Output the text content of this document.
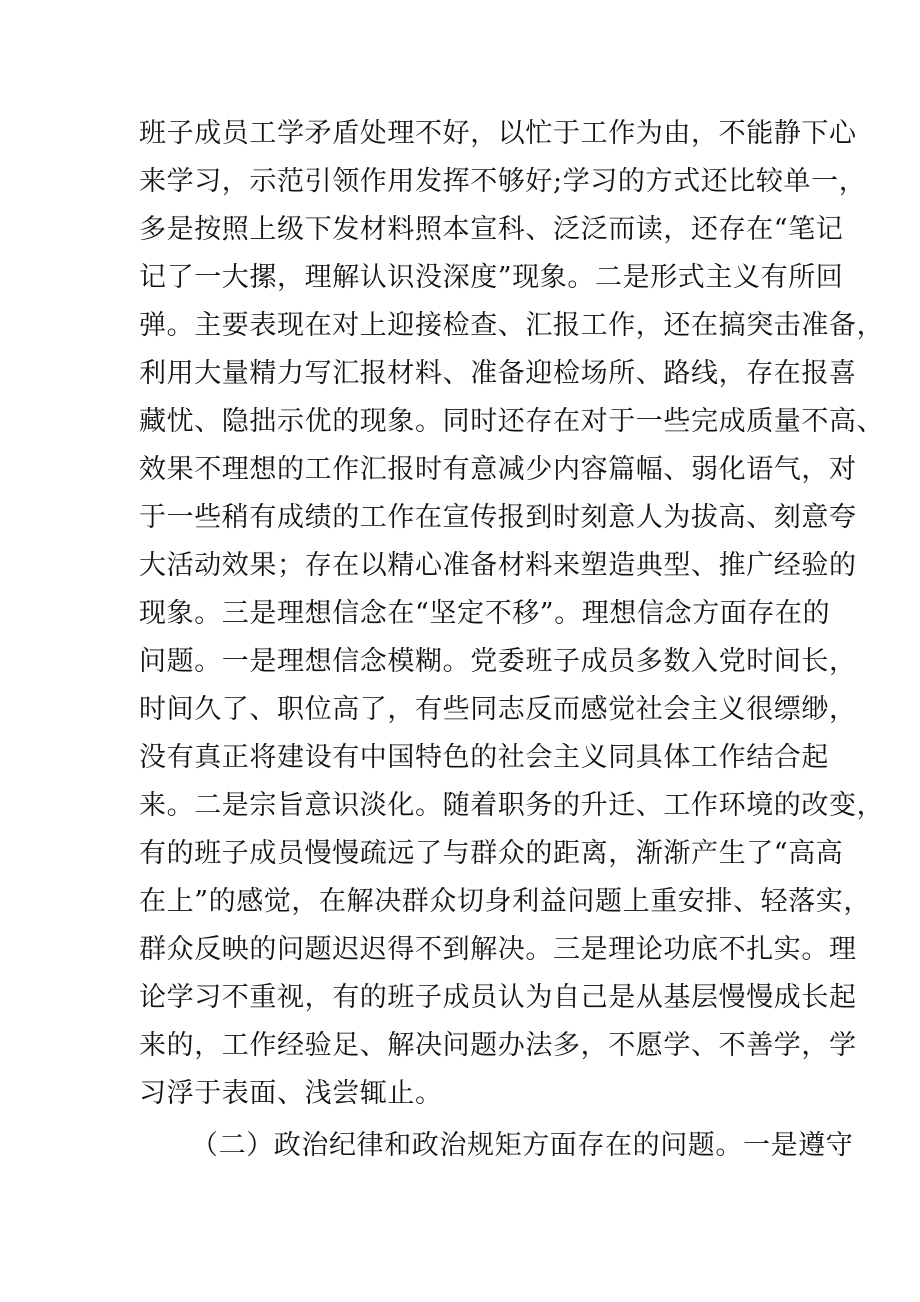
班子成员工学矛盾处理不好，以忙于工作为由，不能静下心
来学习，示范引领作用发挥不够好;学习的方式还比较单一，
多是按照上级下发材料照本宣科、泛泛而读，还存在“笔记
记了一大摞，理解认识没深度”现象。二是形式主义有所回
弹。主要表现在对上迎接检查、汇报工作，还在搞突击准备，
利用大量精力写汇报材料、准备迎检场所、路线，存在报喜
藏忧、隐拙示优的现象。同时还存在对于一些完成质量不高、
效果不理想的工作汇报时有意减少内容篇幅、弱化语气，对
于一些稍有成绩的工作在宣传报到时刻意人为拔高、刻意夸
大活动效果；存在以精心准备材料来塑造典型、推广经验的
现象。三是理想信念在“坚定不移”。理想信念方面存在的
问题。一是理想信念模糊。党委班子成员多数入党时间长，
时间久了、职位高了，有些同志反而感觉社会主义很缥缈，
没有真正将建设有中国特色的社会主义同具体工作结合起
来。二是宗旨意识淡化。随着职务的升迁、工作环境的改变，
有的班子成员慢慢疏远了与群众的距离，渐渐产生了“高高
在上”的感觉，在解决群众切身利益问题上重安排、轻落实，
群众反映的问题迟迟得不到解决。三是理论功底不扎实。理
论学习不重视，有的班子成员认为自己是从基层慢慢成长起
来的，工作经验足、解决问题办法多，不愿学、不善学，学
习浮于表面、浅尝辄止。
（二）政治纪律和政治规矩方面存在的问题。一是遵守
